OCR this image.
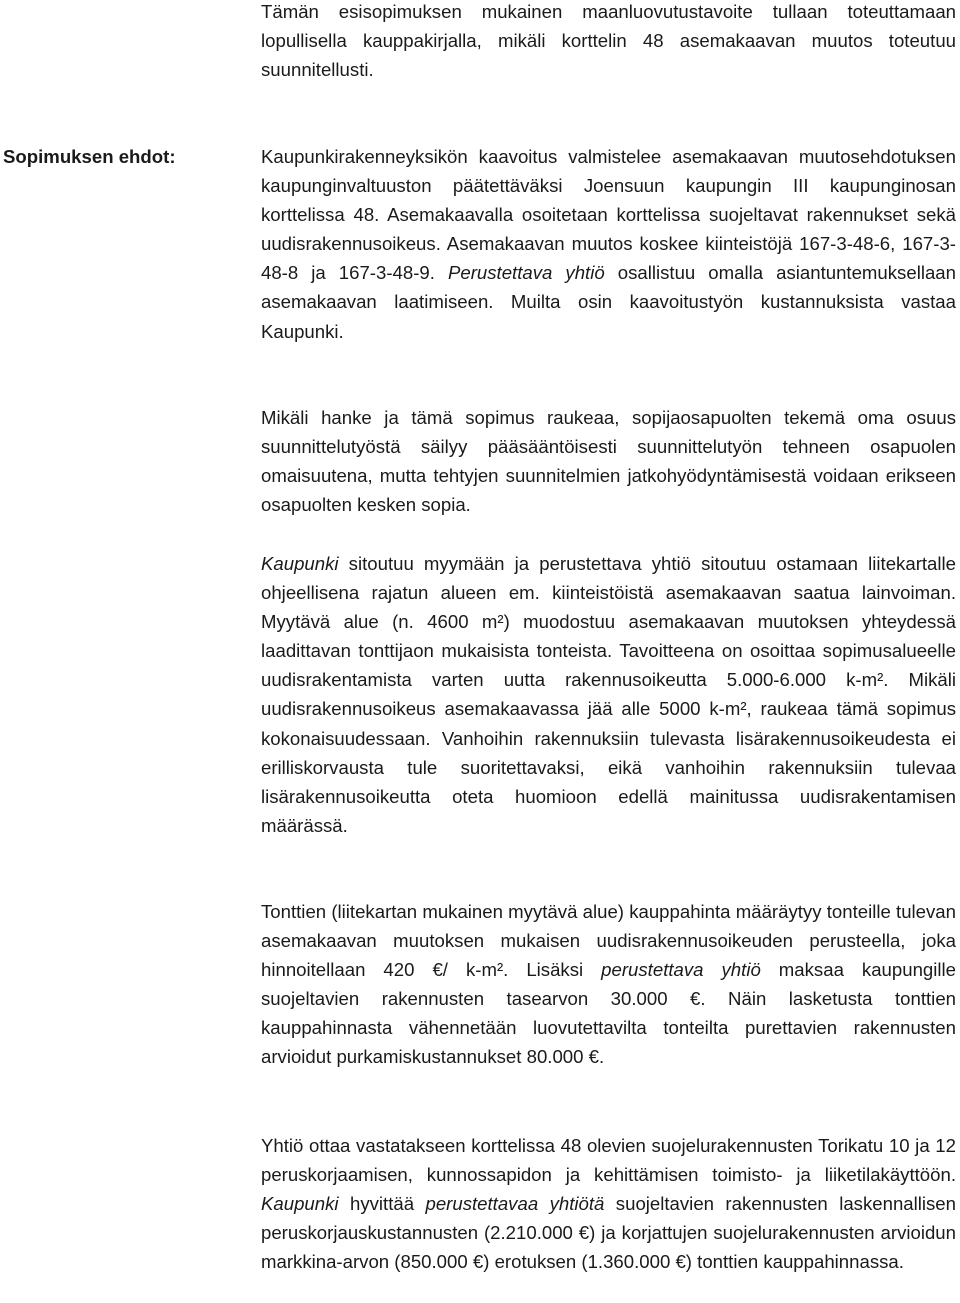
Tämän esisopimuksen mukainen maanluovutustavoite tullaan toteuttamaan lopullisella kauppakirjalla, mikäli korttelin 48 asemakaavan muutos toteutuu suunnitellusti.

Sopimuksen ehdot:	Kaupunkirakenneyksikön kaavoitus valmistelee asemakaavan muutosehdotuksen kaupunginvaltuuston päätettäväksi Joensuun kaupungin III kaupunginosan korttelissa 48. Asemakaavalla osoitetaan korttelissa suojeltavat rakennukset sekä uudisrakennusoikeus. Asemakaavan muutos koskee kiinteistöjä 167-3-48-6, 167-3-48-8 ja 167-3-48-9. Perustettava yhtiö osallistuu omalla asiantuntemuksellaan asemakaavan laatimiseen. Muilta osin kaavoitustyön kustannuksista vastaa Kaupunki.

Mikäli hanke ja tämä sopimus raukeaa, sopijaosapuolten tekemä oma osuus suunnittelutyöstä säilyy pääsääntöisesti suunnittelutyön tehneen osapuolen omaisuutena, mutta tehtyjen suunnitelmien jatkohyödyntämisestä voidaan erikseen osapuolten kesken sopia.

Kaupunki sitoutuu myymään ja perustettava yhtiö sitoutuu ostamaan liitekartalle ohjeellisena rajatun alueen em. kiinteistöistä asemakaavan saatua lainvoiman. Myytävä alue (n. 4600 m²) muodostuu asemakaavan muutoksen yhteydessä laadittavan tonttijaon mukaisista tonteista. Tavoitteena on osoittaa sopimusalueelle uudisrakentamista varten uutta rakennusoikeutta 5.000-6.000 k-m². Mikäli uudisrakennusoikeus asemakaavassa jää alle 5000 k-m², raukeaa tämä sopimus kokonaisuudessaan. Vanhoihin rakennuksiin tulevasta lisärakennusoikeudesta ei erilliskorvausta tule suoritettavaksi, eikä vanhoihin rakennuksiin tulevaa lisärakennusoikeutta oteta huomioon edellä mainitussa uudisrakentamisen määrässä.

Tonttien (liitekartan mukainen myytävä alue) kauppahinta määräytyy tonteille tulevan asemakaavan muutoksen mukaisen uudisrakennusoikeuden perusteella, joka hinnoitellaan 420 €/ k-m². Lisäksi perustettava yhtiö maksaa kaupungille suojeltavien rakennusten tasearvon 30.000 €. Näin lasketusta tonttien kauppahinnasta vähennetään luovutettavilta tonteilta purettavien rakennusten arvioidut purkamiskustannukset 80.000 €.

Yhtiö ottaa vastatakseen korttelissa 48 olevien suojelurakennusten Torikatu 10 ja 12 peruskorjaamisen, kunnossapidon ja kehittämisen toimisto- ja liiketilakäyttöön. Kaupunki hyvittää perustettavaa yhtiötä suojeltavien rakennusten laskennallisen peruskorjauskustannusten (2.210.000 €) ja korjattujen suojelurakennusten arvioidun markkina-arvon (850.000 €) erotuksen (1.360.000 €) tonttien kauppahinnassa.
